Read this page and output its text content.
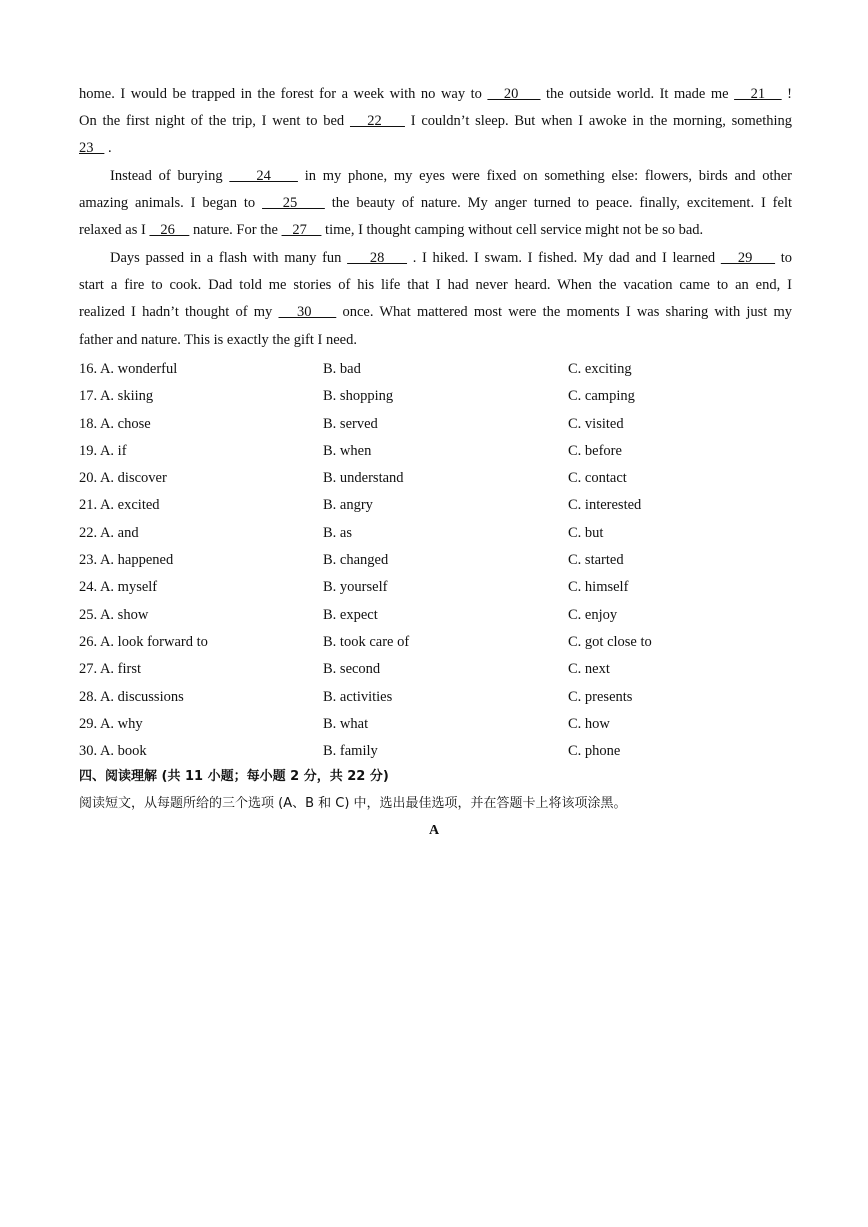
home. I would be trapped in the forest for a week with no way to    20     the outside world. It made me    21    !
On the first night of the trip, I went to bed    22     I couldn’t sleep. But when I awoke in the morning, something
23    .
Instead of burying     24     in my phone, my eyes were fixed on something else: flowers, birds and other
amazing animals. I began to    25     the beauty of nature. My anger turned to peace. finally, excitement. I felt
relaxed as I    26     nature. For the    27     time, I thought camping without cell service might not be so bad.
Days passed in a flash with many fun     28     . I hiked. I swam. I fished. My dad and I learned    29     to
start a fire to cook. Dad told me stories of his life that I had never heard. When the vacation came to an end, I
realized I hadn’t thought of my    30     once. What mattered most were the moments I was sharing with just my
father and nature. This is exactly the gift I need.
16. A. wonderful	B. bad	C. exciting
17. A. skiing	B. shopping	C. camping
18. A. chose	B. served	C. visited
19. A. if	B. when	C. before
20. A. discover	B. understand	C. contact
21. A. excited	B. angry	C. interested
22. A. and	B. as	C. but
23. A. happened	B. changed	C. started
24. A. myself	B. yourself	C. himself
25. A. show	B. expect	C. enjoy
26. A. look forward to	B. took care of	C. got close to
27. A. first	B. second	C. next
28. A. discussions	B. activities	C. presents
29. A. why	B. what	C. how
30. A. book	B. family	C. phone
四、阅读理解 (共 11 小题；每小题 2 分，共 22 分)
阅读短文，从每题所给的三个选项 (A、B 和 C) 中，选出最佳选项，并在答题卡上将该项涂黑。
A
